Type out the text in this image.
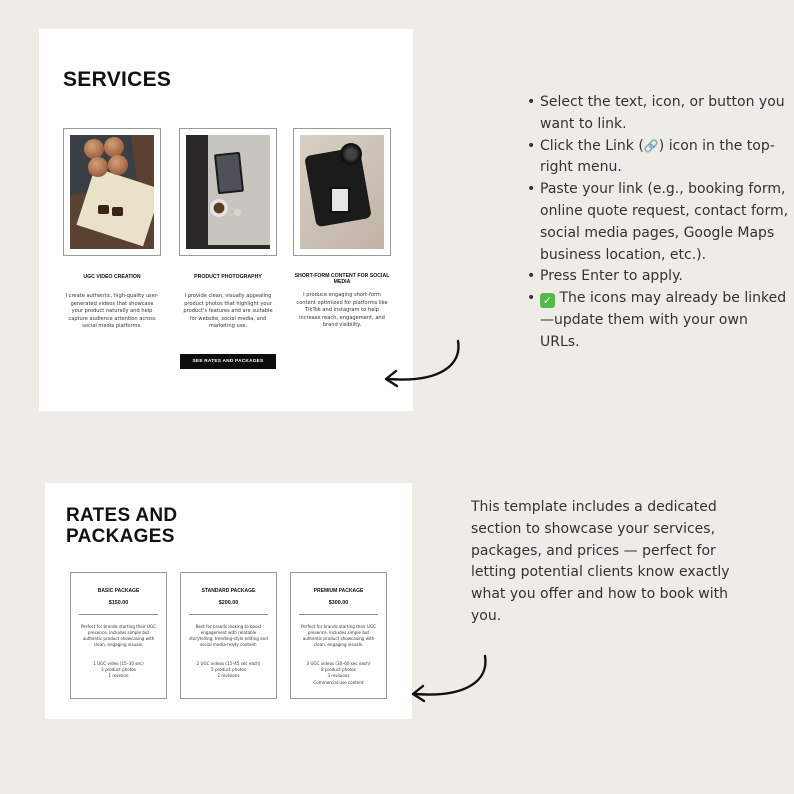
SERVICES
UGC VIDEO CREATION
I create authentic, high-quality user-generated videos that showcase your product naturally and help capture audience attention across social media platforms.
PRODUCT PHOTOGRAPHY
I provide clean, visually appealing product photos that highlight your product's features and are suitable for website, social media, and marketing use.
SHORT-FORM CONTENT FOR SOCIAL MEDIA
I produce engaging short-form content optimized for platforms like TikTok and Instagram to help increase reach, engagement, and brand visibility.
SEE RATES AND PACKAGES
RATES AND
PACKAGES
BASIC PACKAGE
$150.00
Perfect for brands starting their UGC presence. Includes simple but authentic product showcasing with clean, engaging visuals.
1 UGC video (15–30 sec)
3 product photos
1 revision
STANDARD PACKAGE
$200.00
Best for brands looking to boost engagement with relatable storytelling, trending-style editing and social media-ready content.
2 UGC videos (15–45 sec each)
5 product photos
2 revisions
PREMIUM PACKAGE
$300.00
Perfect for brands starting their UGC presence. Includes simple but authentic product showcasing with clean, engaging visuals.
3 UGC videos (30–60 sec each)
8 product photos
3 revisions
Commercial-use content
• Select the text, icon, or button you want to link.
• Click the Link (🔗) icon in the top-right menu.
• Paste your link (e.g., booking form, online quote request, contact form, social media pages, Google Maps business location, etc.).
• Press Enter to apply.
• ✓ The icons may already be linked—update them with your own URLs.
This template includes a dedicated section to showcase your services, packages, and prices — perfect for letting potential clients know exactly what you offer and how to book with you.
